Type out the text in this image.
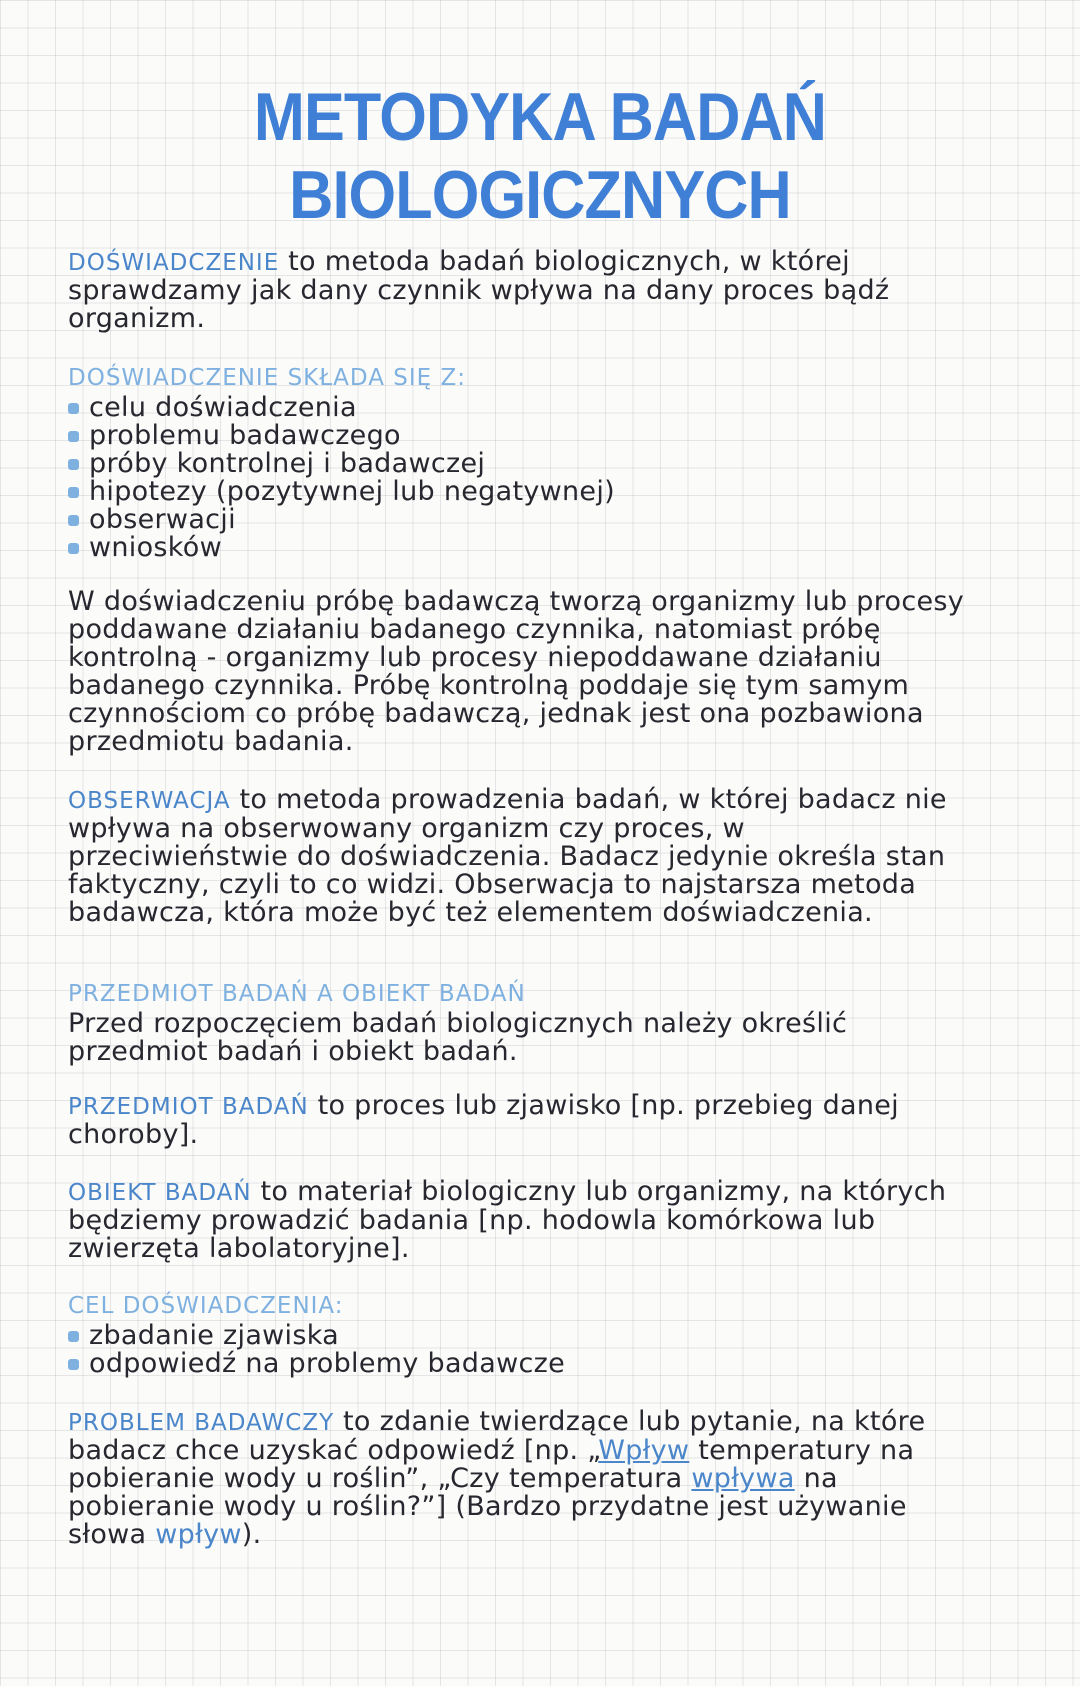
METODYKA BADAŃ BIOLOGICZNYCH

DOŚWIADCZENIE to metoda badań biologicznych, w której sprawdzamy jak dany czynnik wpływa na dany proces bądź organizm.

DOŚWIADCZENIE SKŁADA SIĘ Z:
celu doświadczenia
problemu badawczego
próby kontrolnej i badawczej
hipotezy (pozytywnej lub negatywnej)
obserwacji
wniosków

W doświadczeniu próbę badawczą tworzą organizmy lub procesy poddawane działaniu badanego czynnika, natomiast próbę kontrolną - organizmy lub procesy niepoddawane działaniu badanego czynnika. Próbę kontrolną poddaje się tym samym czynnościom co próbę badawczą, jednak jest ona pozbawiona przedmiotu badania.

OBSERWACJA to metoda prowadzenia badań, w której badacz nie wpływa na obserwowany organizm czy proces, w przeciwieństwie do doświadczenia. Badacz jedynie określa stan faktyczny, czyli to co widzi. Obserwacja to najstarsza metoda badawcza, która może być też elementem doświadczenia.

PRZEDMIOT BADAŃ A OBIEKT BADAŃ

Przed rozpoczęciem badań biologicznych należy określić przedmiot badań i obiekt badań.

PRZEDMIOT BADAŃ to proces lub zjawisko [np. przebieg danej choroby].

OBIEKT BADAŃ to materiał biologiczny lub organizmy, na których będziemy prowadzić badania [np. hodowla komórkowa lub zwierzęta labolatoryjne].

CEL DOŚWIADCZENIA:
zbadanie zjawiska
odpowiedź na problemy badawcze

PROBLEM BADAWCZY to zdanie twierdzące lub pytanie, na które badacz chce uzyskać odpowiedź [np. „Wpływ temperatury na pobieranie wody u roślin”, „Czy temperatura wpływa na pobieranie wody u roślin?”] (Bardzo przydatne jest używanie słowa wpływ).
